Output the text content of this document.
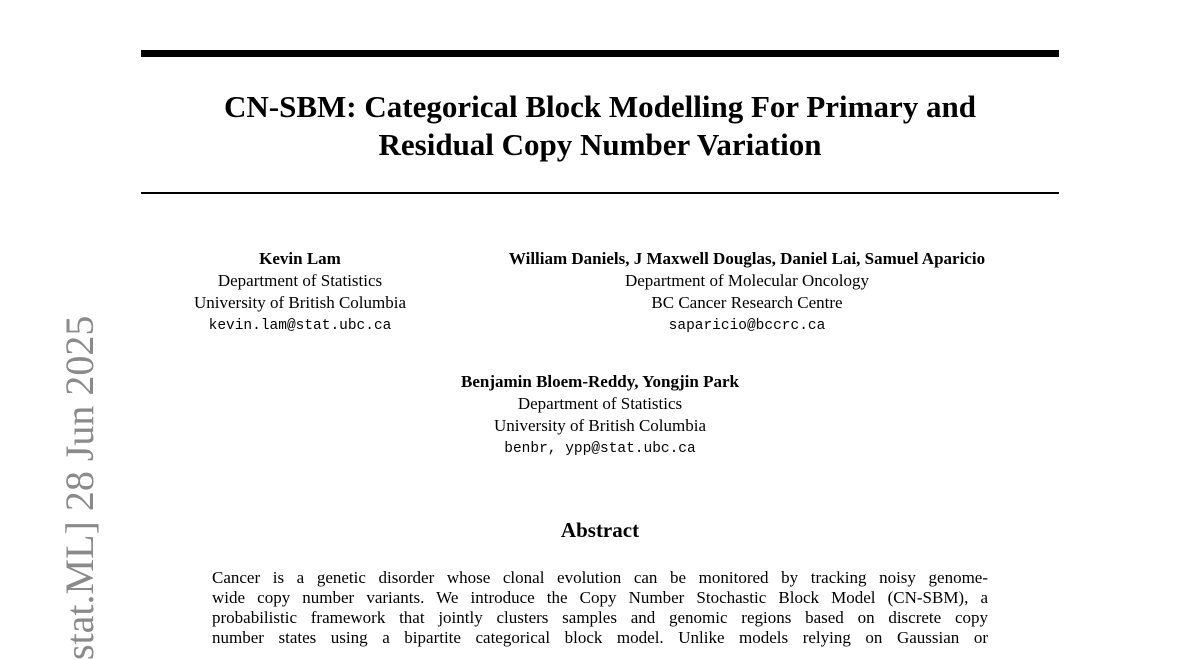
CN-SBM: Categorical Block Modelling For Primary and
Residual Copy Number Variation
Kevin Lam
Department of Statistics
University of British Columbia
kevin.lam@stat.ubc.ca
William Daniels, J Maxwell Douglas, Daniel Lai, Samuel Aparicio
Department of Molecular Oncology
BC Cancer Research Centre
saparicio@bccrc.ca
Benjamin Bloem-Reddy, Yongjin Park
Department of Statistics
University of British Columbia
benbr, ypp@stat.ubc.ca
Abstract
Cancer is a genetic disorder whose clonal evolution can be monitored by tracking noisy genome-
wide copy number variants. We introduce the Copy Number Stochastic Block Model (CN-SBM), a
probabilistic framework that jointly clusters samples and genomic regions based on discrete copy
number states using a bipartite categorical block model. Unlike models relying on Gaussian or
stat.ML] 28 Jun 2025
